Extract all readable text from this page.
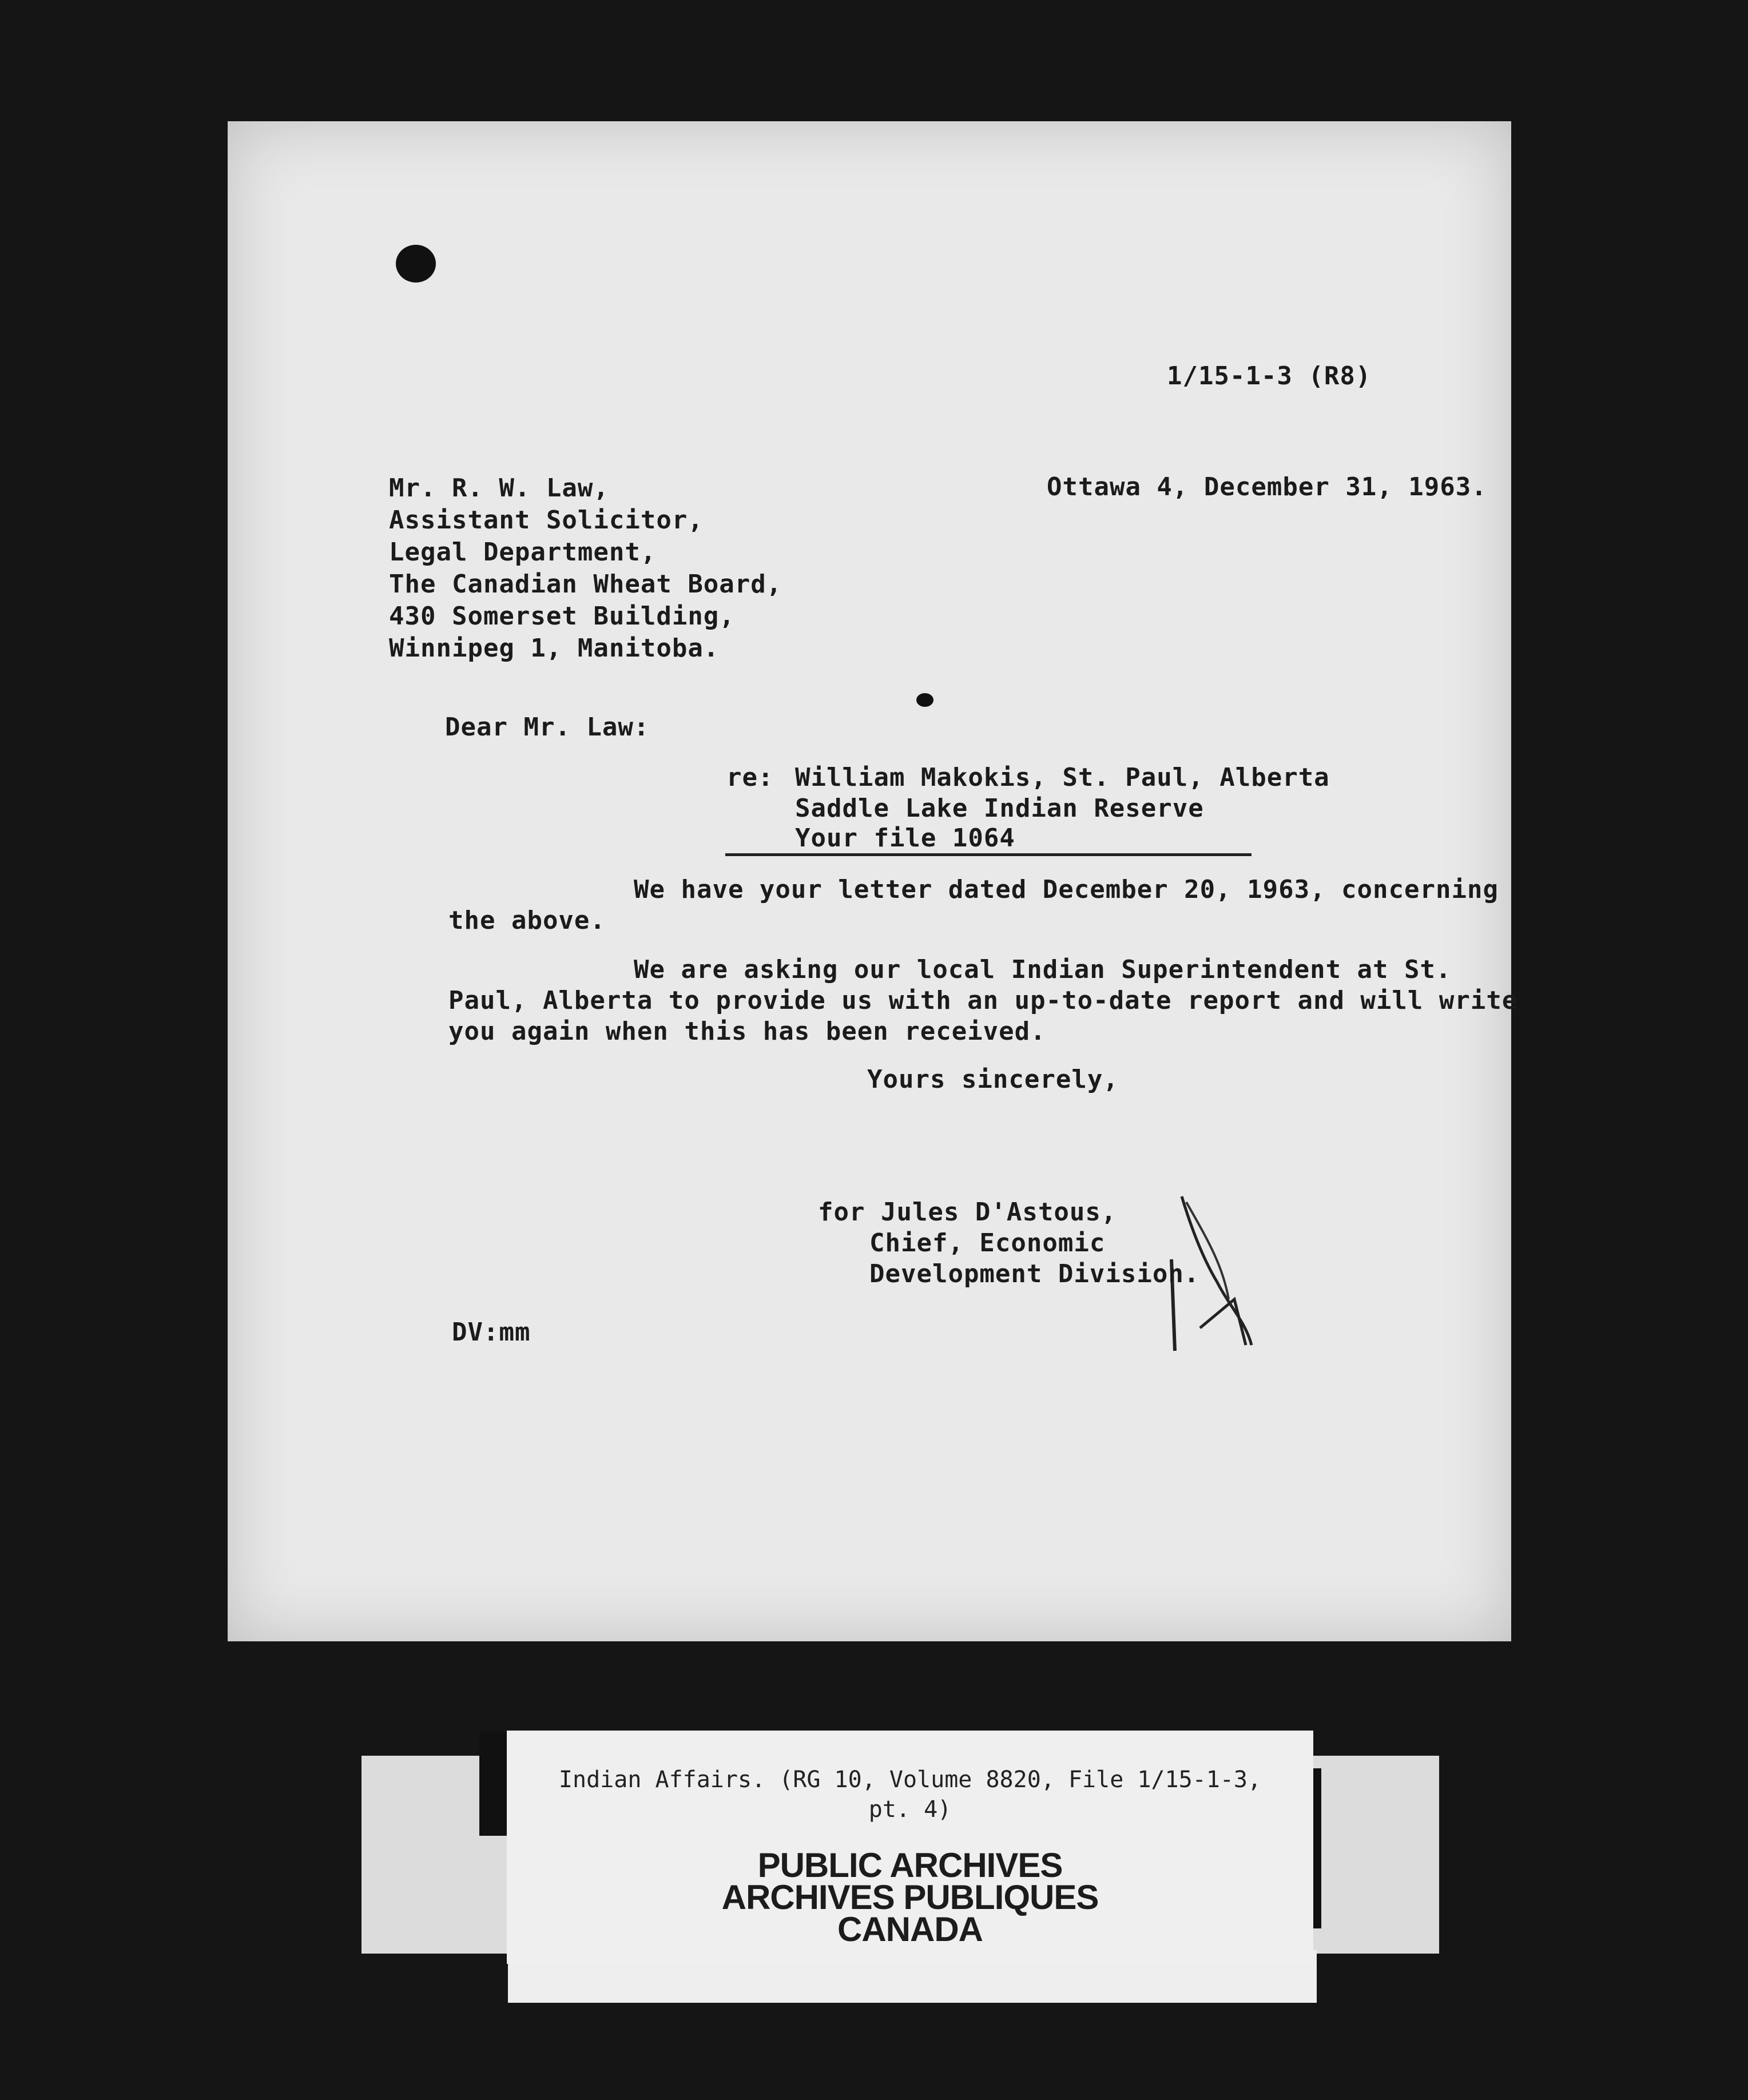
1/15-1-3 (R8)
Ottawa 4, December 31, 1963.
Mr. R. W. Law,
Assistant Solicitor,
Legal Department,
The Canadian Wheat Board,
430 Somerset Building,
Winnipeg 1, Manitoba.
Dear Mr. Law:
re: William Makokis, St. Paul, Alberta
Saddle Lake Indian Reserve
Your file 1064
We have your letter dated December 20, 1963, concerning
the above.
We are asking our local Indian Superintendent at St.
Paul, Alberta to provide us with an up-to-date report and will write
you again when this has been received.
Yours sincerely,
for Jules D'Astous,
Chief, Economic
Development Division.
DV:mm
Indian Affairs. (RG 10, Volume 8820, File 1/15-1-3,
pt. 4)
PUBLIC ARCHIVES
ARCHIVES PUBLIQUES
CANADA
